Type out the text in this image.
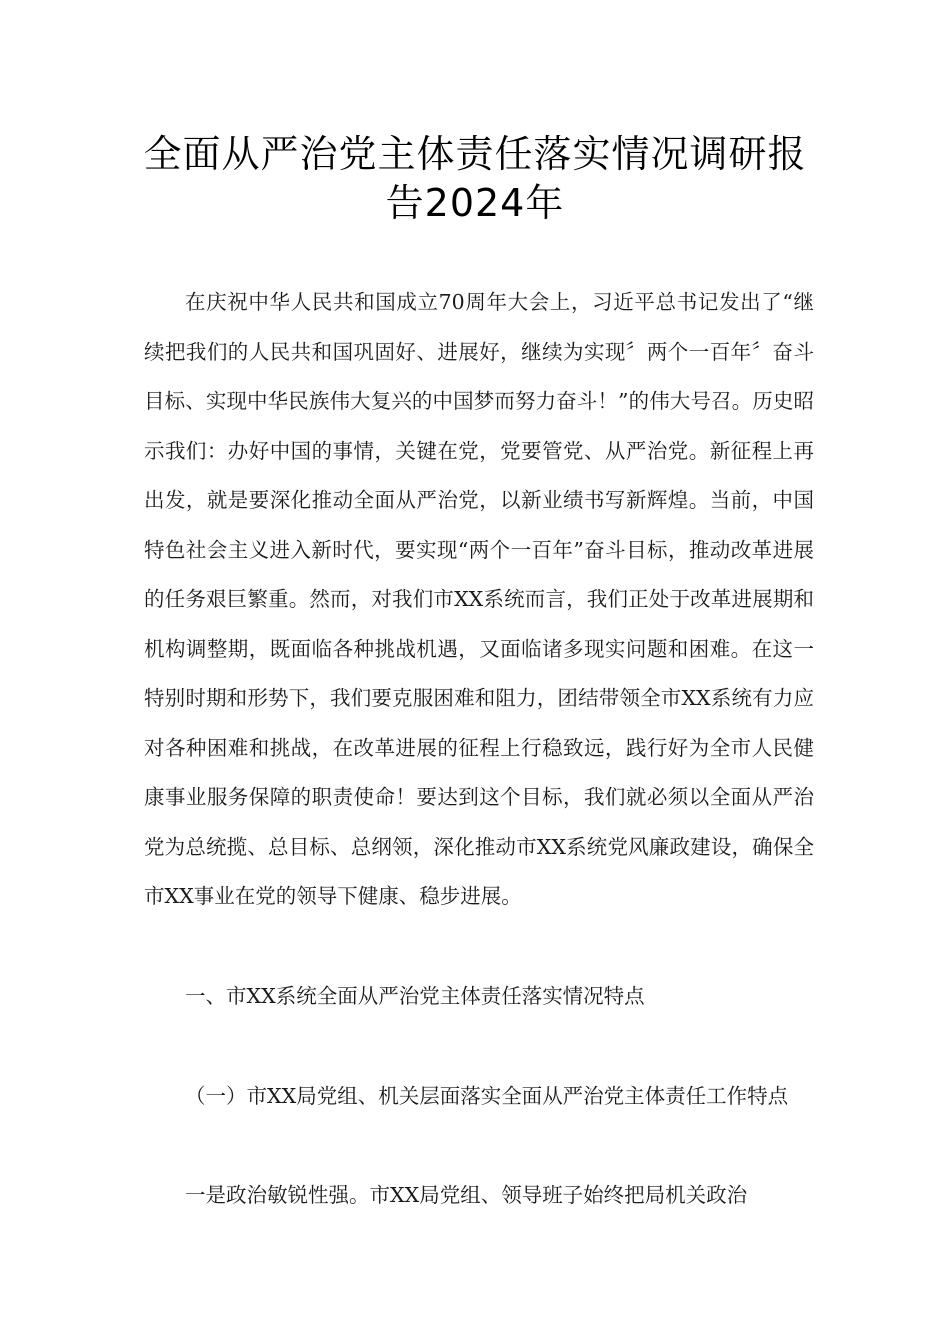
全面从严治党主体责任落实情况调研报
告2024年

在庆祝中华人民共和国成立70周年大会上，习近平总书记发出了“继续把我们的人民共和国巩固好、进展好，继续为实现〞两个一百年〞奋斗目标、实现中华民族伟大复兴的中国梦而努力奋斗！”的伟大号召。历史昭示我们：办好中国的事情，关键在党，党要管党、从严治党。新征程上再出发，就是要深化推动全面从严治党，以新业绩书写新辉煌。当前，中国特色社会主义进入新时代，要实现“两个一百年”奋斗目标，推动改革进展的任务艰巨繁重。然而，对我们市XX系统而言，我们正处于改革进展期和机构调整期，既面临各种挑战机遇，又面临诸多现实问题和困难。在这一特别时期和形势下，我们要克服困难和阻力，团结带领全市XX系统有力应对各种困难和挑战，在改革进展的征程上行稳致远，践行好为全市人民健康事业服务保障的职责使命！要达到这个目标，我们就必须以全面从严治党为总统揽、总目标、总纲领，深化推动市XX系统党风廉政建设，确保全市XX事业在党的领导下健康、稳步进展。

一、市XX系统全面从严治党主体责任落实情况特点

（一）市XX局党组、机关层面落实全面从严治党主体责任工作特点

一是政治敏锐性强。市XX局党组、领导班子始终把局机关政治
